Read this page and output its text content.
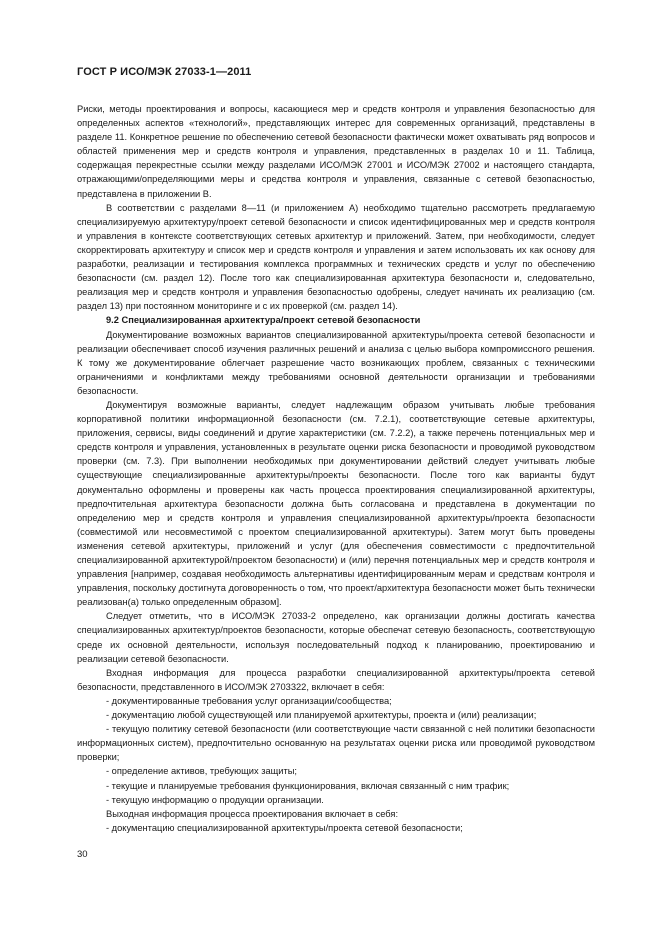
ГОСТ Р ИСО/МЭК 27033-1—2011

Риски, методы проектирования и вопросы, касающиеся мер и средств контроля и управления безопасностью для определенных аспектов «технологий», представляющих интерес для современных организаций, представлены в разделе 11. Конкретное решение по обеспечению сетевой безопасности фактически может охватывать ряд вопросов и областей применения мер и средств контроля и управления, представленных в разделах 10 и 11. Таблица, содержащая перекрестные ссылки между разделами ИСО/МЭК 27001 и ИСО/МЭК 27002 и настоящего стандарта, отражающими/определяющими меры и средства контроля и управления, связанные с сетевой безопасностью, представлена в приложении В.

В соответствии с разделами 8—11 (и приложением А) необходимо тщательно рассмотреть предлагаемую специализируемую архитектуру/проект сетевой безопасности и список идентифицированных мер и средств контроля и управления в контексте соответствующих сетевых архитектур и приложений. Затем, при необходимости, следует скорректировать архитектуру и список мер и средств контроля и управления и затем использовать их как основу для разработки, реализации и тестирования комплекса программных и технических средств и услуг по обеспечению безопасности (см. раздел 12). После того как специализированная архитектура безопасности и, следовательно, реализация мер и средств контроля и управления безопасностью одобрены, следует начинать их реализацию (см. раздел 13) при постоянном мониторинге и с их проверкой (см. раздел 14).

9.2 Специализированная архитектура/проект сетевой безопасности

Документирование возможных вариантов специализированной архитектуры/проекта сетевой безопасности и реализации обеспечивает способ изучения различных решений и анализа с целью выбора компромиссного решения. К тому же документирование облегчает разрешение часто возникающих проблем, связанных с техническими ограничениями и конфликтами между требованиями основной деятельности организации и требованиями безопасности.

Документируя возможные варианты, следует надлежащим образом учитывать любые требования корпоративной политики информационной безопасности (см. 7.2.1), соответствующие сетевые архитектуры, приложения, сервисы, виды соединений и другие характеристики (см. 7.2.2), а также перечень потенциальных мер и средств контроля и управления, установленных в результате оценки риска безопасности и проводимой руководством проверки (см. 7.3). При выполнении необходимых при документировании действий следует учитывать любые существующие специализированные архитектуры/проекты безопасности. После того как варианты будут документально оформлены и проверены как часть процесса проектирования специализированной архитектуры, предпочтительная архитектура безопасности должна быть согласована и представлена в документации по определению мер и средств контроля и управления специализированной архитектуры/проекта безопасности (совместимой или несовместимой с проектом специализированной архитектуры). Затем могут быть проведены изменения сетевой архитектуры, приложений и услуг (для обеспечения совместимости с предпочтительной специализированной архитектурой/проектом безопасности) и (или) перечня потенциальных мер и средств контроля и управления [например, создавая необходимость альтернативы идентифицированным мерам и средствам контроля и управления, поскольку достигнута договоренность о том, что проект/архитектура безопасности может быть технически реализован(а) только определенным образом].

Следует отметить, что в ИСО/МЭК 27033-2 определено, как организации должны достигать качества специализированных архитектур/проектов безопасности, которые обеспечат сетевую безопасность, соответствующую среде их основной деятельности, используя последовательный подход к планированию, проектированию и реализации сетевой безопасности.

Входная информация для процесса разработки специализированной архитектуры/проекта сетевой безопасности, представленного в ИСО/МЭК 2703322, включает в себя:

- документированные требования услуг организации/сообщества;

- документацию любой существующей или планируемой архитектуры, проекта и (или) реализации;

- текущую политику сетевой безопасности (или соответствующие части связанной с ней политики безопасности информационных систем), предпочтительно основанную на результатах оценки риска или проводимой руководством проверки;

- определение активов, требующих защиты;

- текущие и планируемые требования функционирования, включая связанный с ним трафик;

- текущую информацию о продукции организации.

Выходная информация процесса проектирования включает в себя:

- документацию специализированной архитектуры/проекта сетевой безопасности;

30
